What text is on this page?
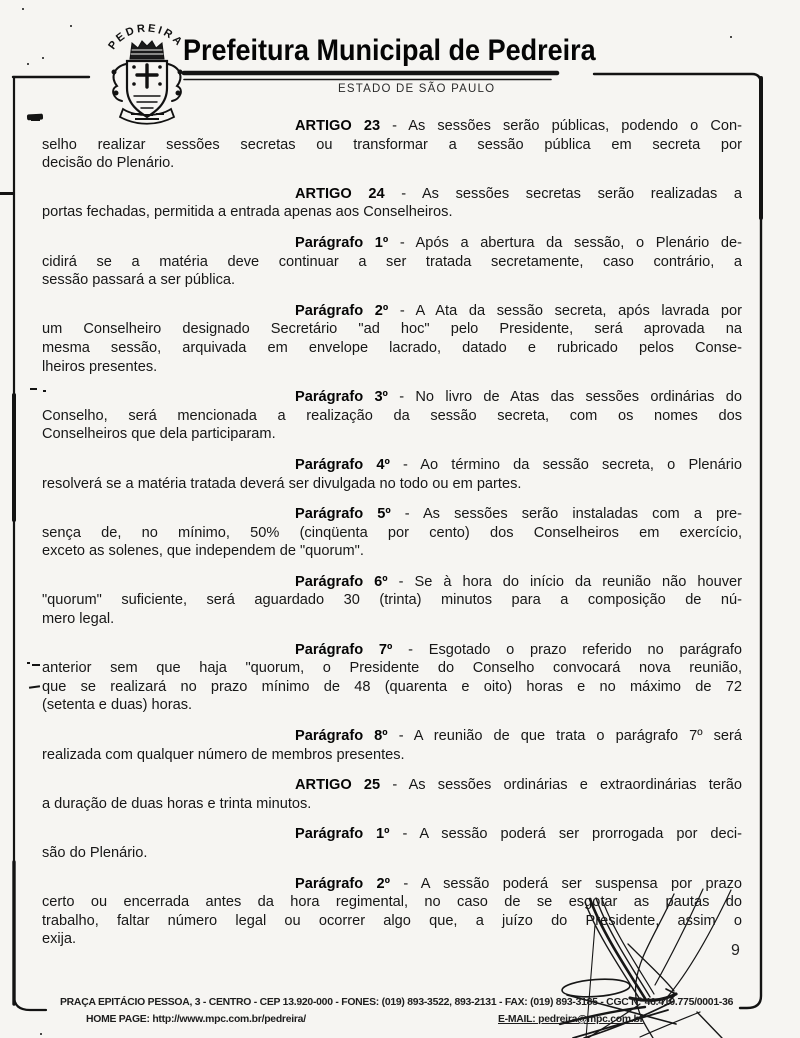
PEDREIRA
Prefeitura Municipal de Pedreira
ESTADO DE SÃO PAULO
ARTIGO 23 - As sessões serão públicas, podendo o Con-
selho realizar sessões secretas ou transformar a sessão pública em secreta por
decisão do Plenário.
ARTIGO 24 - As sessões secretas serão realizadas a
portas fechadas, permitida a entrada apenas aos Conselheiros.
Parágrafo 1º - Após a abertura da sessão, o Plenário de-
cidirá se a matéria deve continuar a ser tratada secretamente, caso contrário, a
sessão passará a ser pública.
Parágrafo 2º - A Ata da sessão secreta, após lavrada por
um Conselheiro designado Secretário "ad hoc" pelo Presidente, será aprovada na
mesma sessão, arquivada em envelope lacrado, datado e rubricado pelos Conse-
lheiros presentes.
Parágrafo 3º - No livro de Atas das sessões ordinárias do
Conselho, será mencionada a realização da sessão secreta, com os nomes dos
Conselheiros que dela participaram.
Parágrafo 4º - Ao término da sessão secreta, o Plenário
resolverá se a matéria tratada deverá ser divulgada no todo ou em partes.
Parágrafo 5º - As sessões serão instaladas com a pre-
sença de, no mínimo, 50% (cinqüenta por cento) dos Conselheiros em exercício,
exceto as solenes, que independem de "quorum".
Parágrafo 6º - Se à hora do início da reunião não houver
"quorum" suficiente, será aguardado 30 (trinta) minutos para a composição de nú-
mero legal.
Parágrafo 7º - Esgotado o prazo referido no parágrafo
anterior sem que haja "quorum, o Presidente do Conselho convocará nova reunião,
que se realizará no prazo mínimo de 48 (quarenta e oito) horas e no máximo de 72
(setenta e duas) horas.
Parágrafo 8º - A reunião de que trata o parágrafo 7º será
realizada com qualquer número de membros presentes.
ARTIGO 25 - As sessões ordinárias e extraordinárias terão
a duração de duas horas e trinta minutos.
Parágrafo 1º - A sessão poderá ser prorrogada por deci-
são do Plenário.
Parágrafo 2º - A sessão poderá ser suspensa por prazo
certo ou encerrada antes da hora regimental, no caso de se esgotar as pautas do
trabalho, faltar número legal ou ocorrer algo que, a juízo do Presidente, assim o
exija.
9
PRAÇA EPITÁCIO PESSOA, 3 - CENTRO - CEP 13.920-000 - FONES: (019) 893-3522, 893-2131 - FAX: (019) 893-3185 - CGC Nº 46.410.775/0001-36
HOME PAGE: http://www.mpc.com.br/pedreira/	E-MAIL: pedreira@mpc.com.br
